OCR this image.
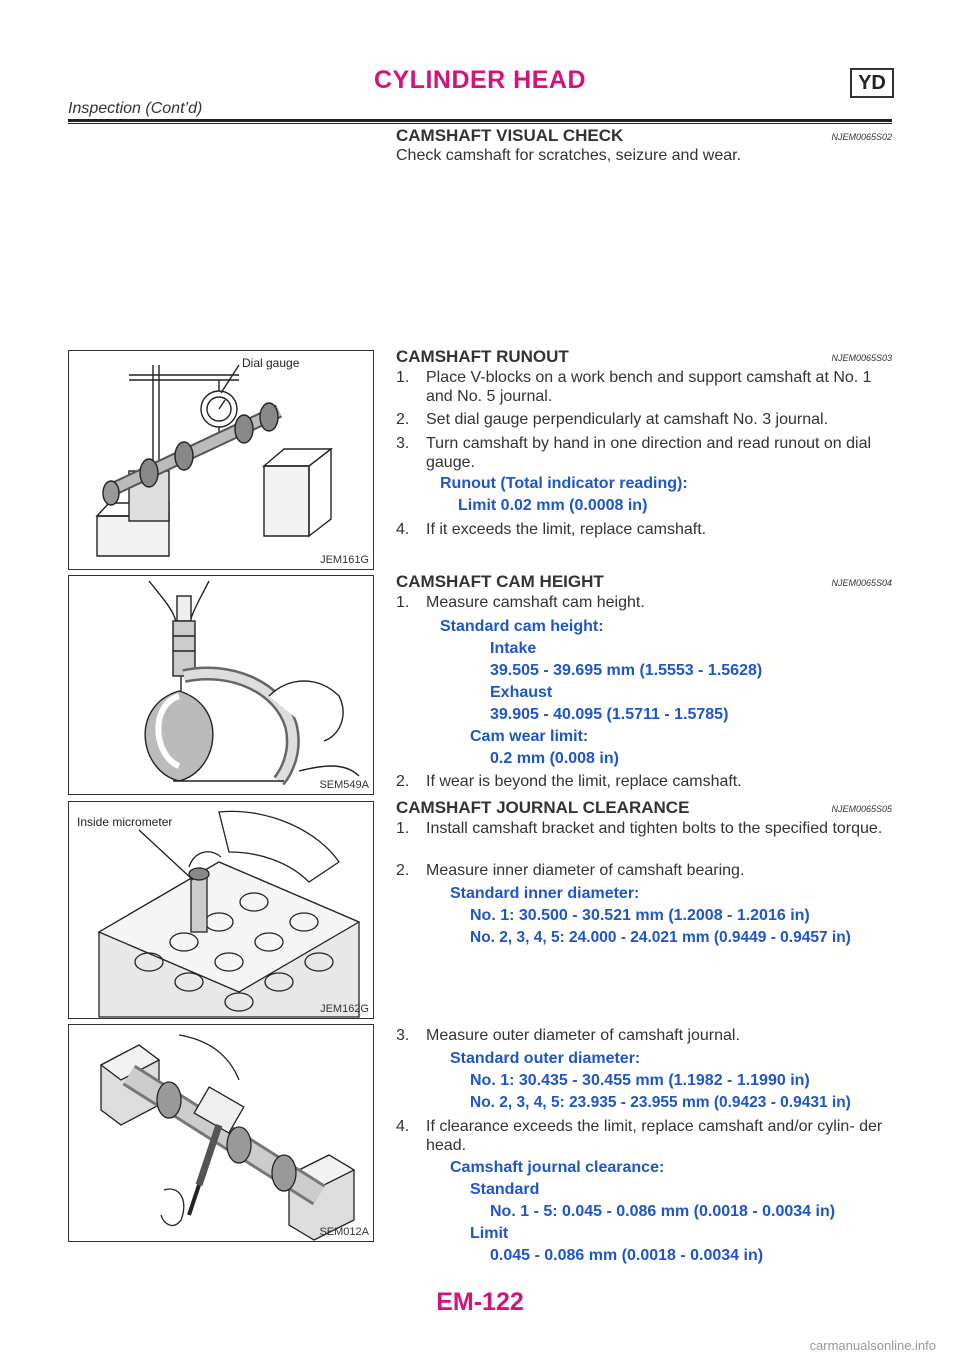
CYLINDER HEAD	YD
Inspection (Cont’d)
CAMSHAFT VISUAL CHECK	NJEM0065S02
Check camshaft for scratches, seizure and wear.
Dial gauge
JEM161G
CAMSHAFT RUNOUT	NJEM0065S03
1. Place V-blocks on a work bench and support camshaft at No. 1 and No. 5 journal.
2. Set dial gauge perpendicularly at camshaft No. 3 journal.
3. Turn camshaft by hand in one direction and read runout on dial gauge.
Runout (Total indicator reading):
Limit 0.02 mm (0.0008 in)
4. If it exceeds the limit, replace camshaft.
SEM549A
CAMSHAFT CAM HEIGHT	NJEM0065S04
1. Measure camshaft cam height.
Standard cam height:
Intake
39.505 - 39.695 mm (1.5553 - 1.5628)
Exhaust
39.905 - 40.095 (1.5711 - 1.5785)
Cam wear limit:
0.2 mm (0.008 in)
2. If wear is beyond the limit, replace camshaft.
Inside micrometer
JEM162G
CAMSHAFT JOURNAL CLEARANCE	NJEM0065S05
1. Install camshaft bracket and tighten bolts to the specified torque.
2. Measure inner diameter of camshaft bearing.
Standard inner diameter:
No. 1: 30.500 - 30.521 mm (1.2008 - 1.2016 in)
No. 2, 3, 4, 5: 24.000 - 24.021 mm (0.9449 - 0.9457 in)
SEM012A
3. Measure outer diameter of camshaft journal.
Standard outer diameter:
No. 1: 30.435 - 30.455 mm (1.1982 - 1.1990 in)
No. 2, 3, 4, 5: 23.935 - 23.955 mm (0.9423 - 0.9431 in)
4. If clearance exceeds the limit, replace camshaft and/or cylin- der head.
Camshaft journal clearance:
Standard
No. 1 - 5: 0.045 - 0.086 mm (0.0018 - 0.0034 in)
Limit
0.045 - 0.086 mm (0.0018 - 0.0034 in)
EM-122
carmanualsonline.info
